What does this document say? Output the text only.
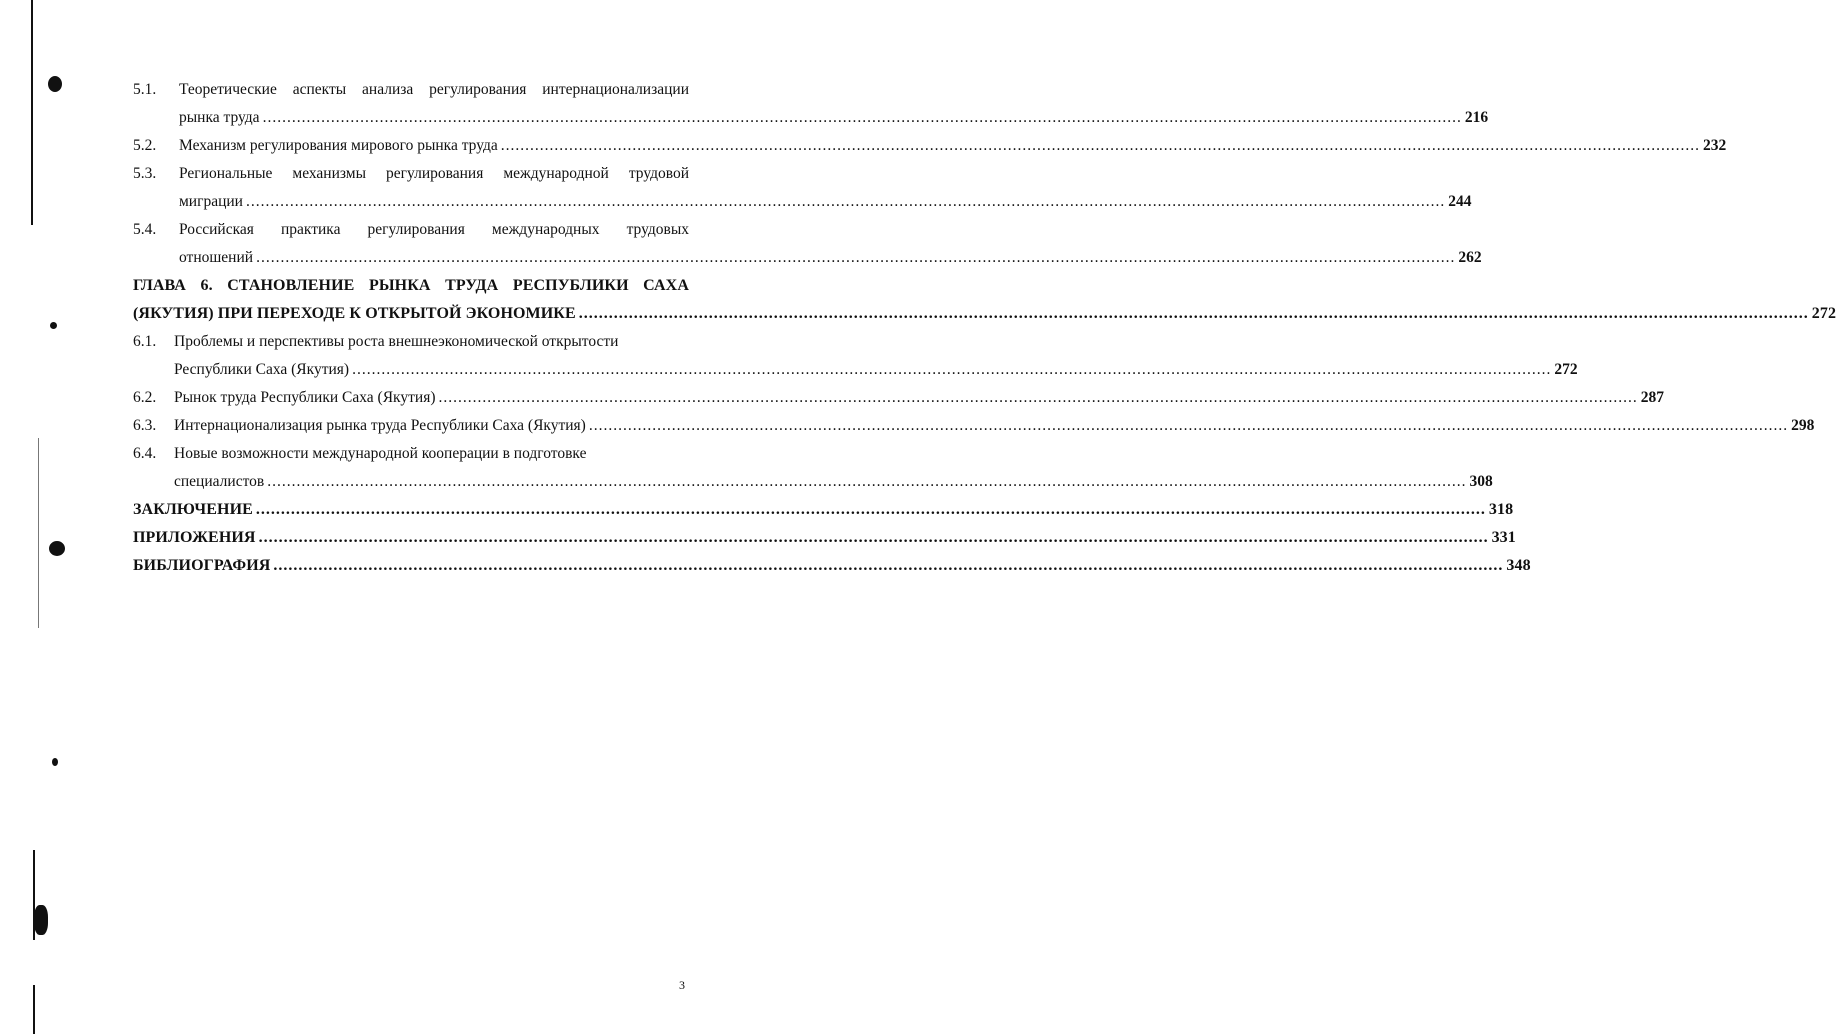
5.1. Теоретические аспекты анализа регулирования интернационализации
рынка труда .....	216
5.2. Механизм регулирования мирового рынка труда .....	232
5.3. Региональные механизмы регулирования международной трудовой
миграции .....	244
5.4. Российская практика регулирования международных трудовых
отношений .....	262
ГЛАВА 6. СТАНОВЛЕНИЕ РЫНКА ТРУДА РЕСПУБЛИКИ САХА
(ЯКУТИЯ) ПРИ ПЕРЕХОДЕ К ОТКРЫТОЙ ЭКОНОМИКЕ .....	272
6.1. Проблемы и перспективы роста внешнеэкономической открытости
Республики Саха (Якутия) .....	272
6.2. Рынок труда Республики Саха (Якутия) .....	287
6.3. Интернационализация рынка труда Республики Саха (Якутия) .....	298
6.4. Новые возможности международной кооперации в подготовке
специалистов .....	308
ЗАКЛЮЧЕНИЕ .....	318
ПРИЛОЖЕНИЯ .....	331
БИБЛИОГРАФИЯ .....	348
3
